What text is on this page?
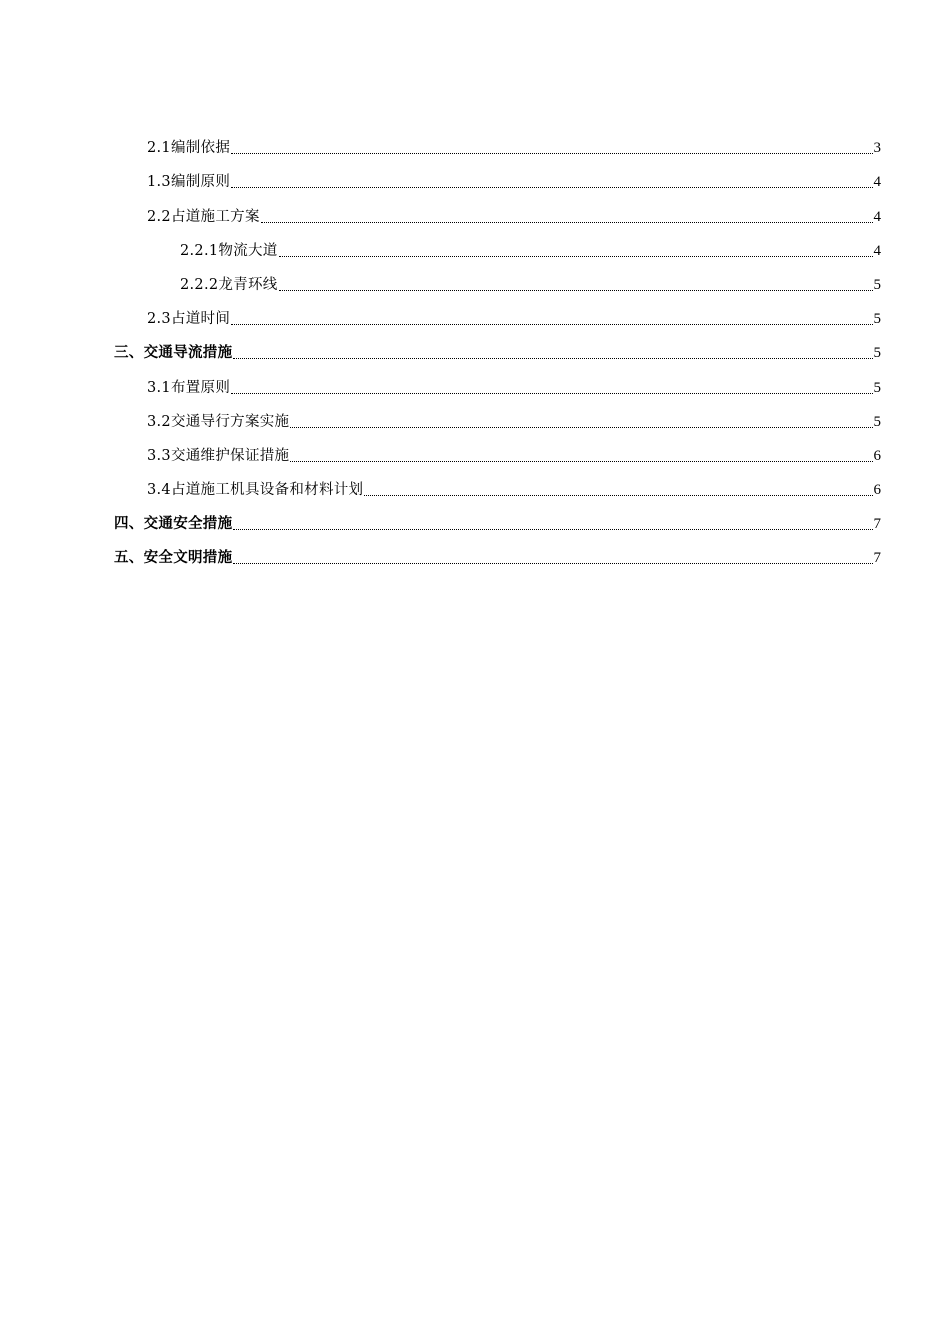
2.1编制依据	3
1.3编制原则	4
2.2占道施工方案	4
2.2.1物流大道	4
2.2.2龙青环线	5
2.3占道时间	5
三、交通导流措施	5
3.1布置原则	5
3.2交通导行方案实施	5
3.3交通维护保证措施	6
3.4占道施工机具设备和材料计划	6
四、交通安全措施	7
五、安全文明措施	7
